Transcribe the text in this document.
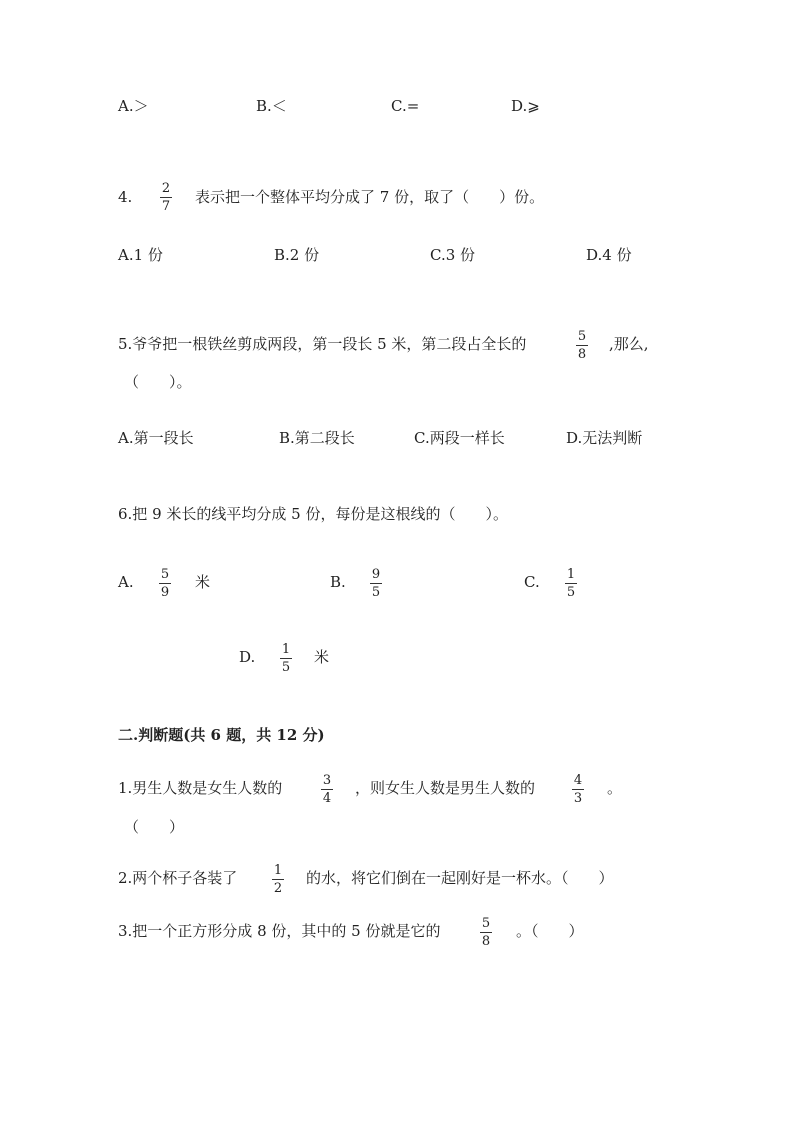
A.＞	B.＜	C.=	D.⩾
4. 2
7
表示把一个整体平均分成了 7 份，取了（　　）份。
A.1 份	B.2 份	C.3 份	D.4 份
5.爷爷把一根铁丝剪成两段，第一段长 5 米，第二段占全长的	5
8
,那么,
（　　）。
A.第一段长	B.第二段长	C.两段一样长	D.无法判断
6.把 9 米长的线平均分成 5 份，每份是这根线的（　　）。
A. 5
9
米	B. 9
5
C. 1
5
D. 1
5
米
二.判断题(共 6 题，共 12 分)
1.男生人数是女生人数的	3
4
，则女生人数是男生人数的	4
3
。
（　　）
2.两个杯子各装了	1
2
的水，将它们倒在一起刚好是一杯水。（　　）
3.把一个正方形分成 8 份，其中的 5 份就是它的	5
8
。（　　）
